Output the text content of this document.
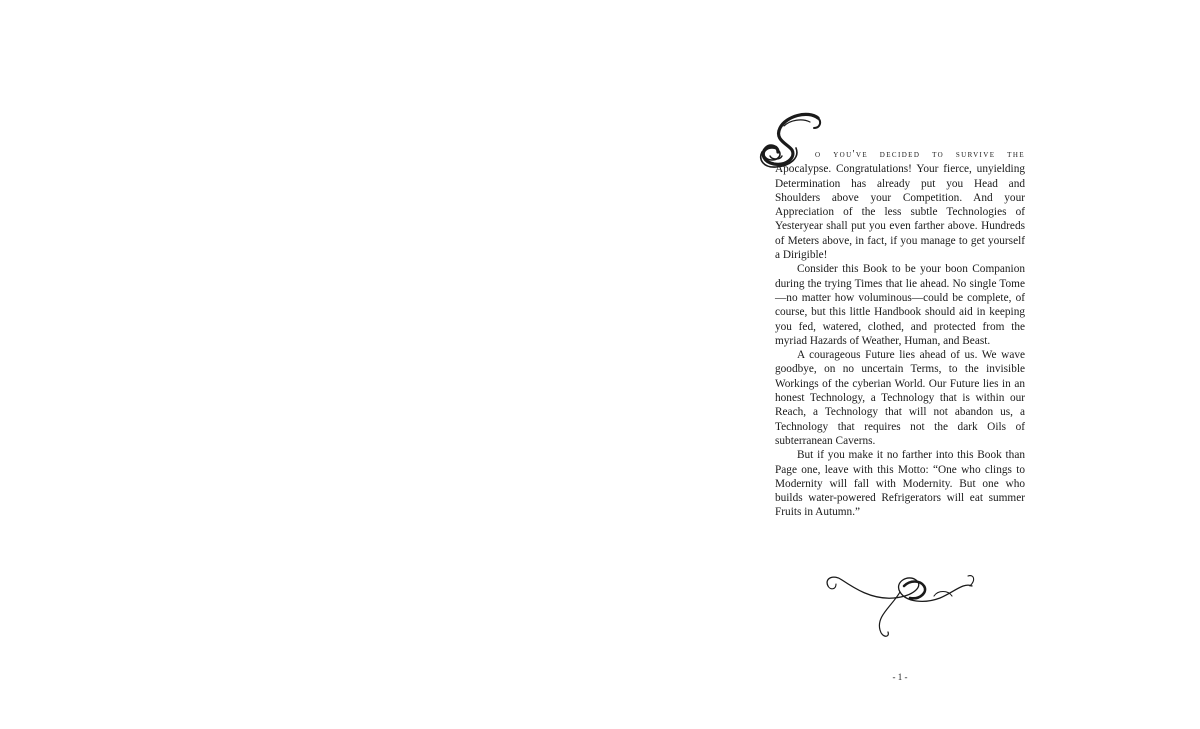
o you've decided to survive the
Apocalypse. Congratulations! Your fierce, unyielding Determination has already put you Head and Shoulders above your Competition. And your Appreciation of the less subtle Technologies of Yesteryear shall put you even farther above. Hundreds of Meters above, in fact, if you manage to get yourself a Dirigible!

Consider this Book to be your boon Companion during the trying Times that lie ahead. No single Tome—no matter how voluminous—could be complete, of course, but this little Handbook should aid in keeping you fed, watered, clothed, and protected from the myriad Hazards of Weather, Human, and Beast.

A courageous Future lies ahead of us. We wave goodbye, on no uncertain Terms, to the invisible Workings of the cyberian World. Our Future lies in an honest Technology, a Technology that is within our Reach, a Technology that will not abandon us, a Technology that requires not the dark Oils of subterranean Caverns.

But if you make it no farther into this Book than Page one, leave with this Motto: “One who clings to Modernity will fall with Modernity. But one who builds water-powered Refrigerators will eat summer Fruits in Autumn.”

- 1 -
